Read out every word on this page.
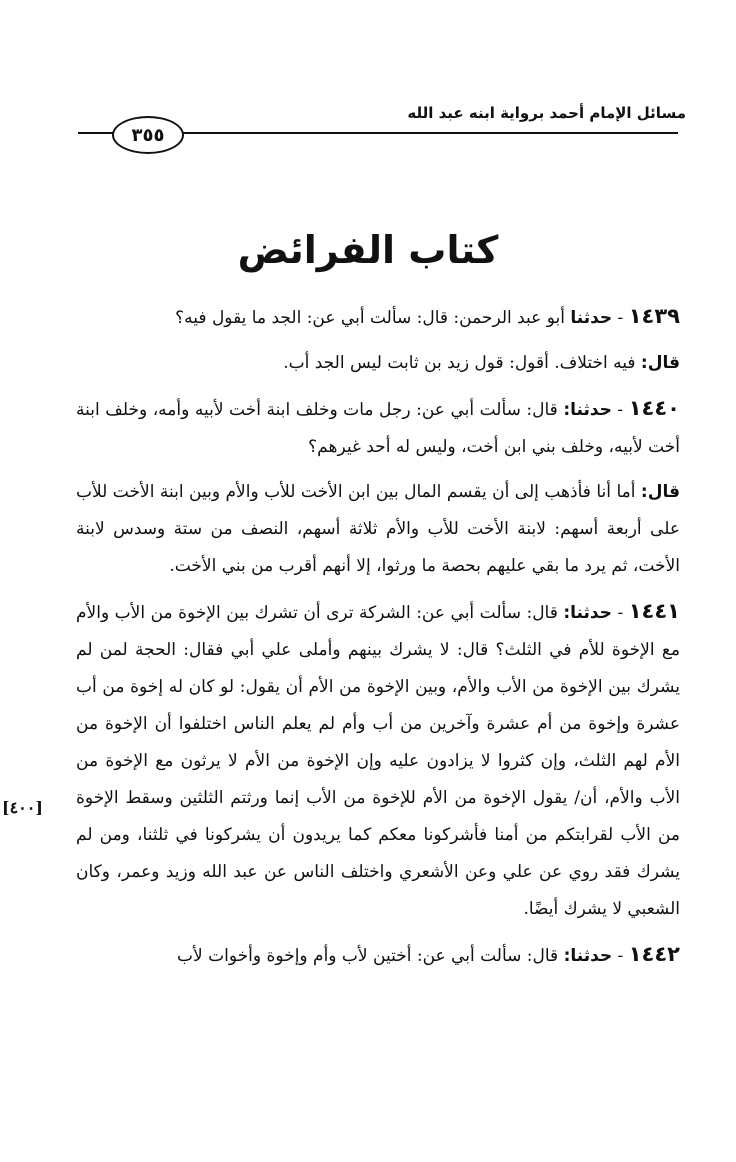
مسائل الإمام أحمد برواية ابنه عبد الله
٣٥٥
كتاب الفرائض
[٤٠٠]

١٤٣٩ - حدثنا أبو عبد الرحمن: قال: سألت أبي عن: الجد ما يقول فيه؟

قال: فيه اختلاف. أقول: قول زيد بن ثابت ليس الجد أب.

١٤٤٠ - حدثنا: قال: سألت أبي عن: رجل مات وخلف ابنة أخت لأبيه وأمه، وخلف ابنة أخت لأبيه، وخلف بني ابن أخت، وليس له أحد غيرهم؟

قال: أما أنا فأذهب إلى أن يقسم المال بين ابن الأخت للأب والأم وبين ابنة الأخت للأب على أربعة أسهم: لابنة الأخت للأب والأم ثلاثة أسهم، النصف من ستة وسدس لابنة الأخت، ثم يرد ما بقي عليهم بحصة ما ورثوا، إلا أنهم أقرب من بني الأخت.

١٤٤١ - حدثنا: قال: سألت أبي عن: الشركة ترى أن تشرك بين الإخوة من الأب والأم مع الإخوة للأم في الثلث؟ قال: لا يشرك بينهم وأملى علي أبي فقال: الحجة لمن لم يشرك بين الإخوة من الأب والأم، وبين الإخوة من الأم أن يقول: لو كان له إخوة من أب عشرة وإخوة من أم عشرة وآخرين من أب وأم لم يعلم الناس اختلفوا أن الإخوة من الأم لهم الثلث، وإن كثروا لا يزادون عليه وإن الإخوة من الأم لا يرثون مع الإخوة من الأب والأم، أن/ يقول الإخوة من الأم للإخوة من الأب إنما ورثتم الثلثين وسقط الإخوة من الأب لقرابتكم من أمنا فأشركونا معكم كما يريدون أن يشركونا في ثلثنا، ومن لم يشرك فقد روي عن علي وعن الأشعري واختلف الناس عن عبد الله وزيد وعمر، وكان الشعبي لا يشرك أيضًا.

١٤٤٢ - حدثنا: قال: سألت أبي عن: أختين لأب وأم وإخوة وأخوات لأب
